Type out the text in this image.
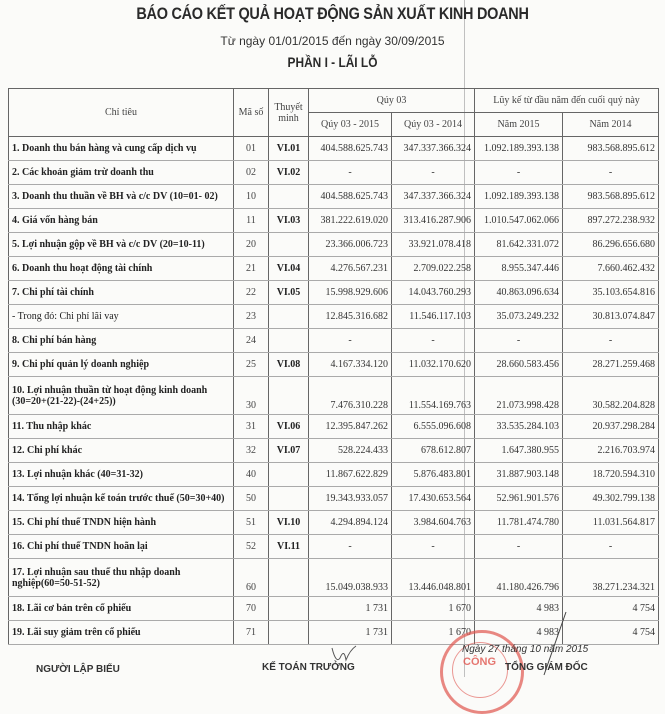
BÁO CÁO KẾT QUẢ HOẠT ĐỘNG SẢN XUẤT KINH DOANH
Từ ngày 01/01/2015 đến ngày 30/09/2015
PHẦN I - LÃI LỖ
Chỉ tiêu	Mã số	Thuyết minh	Qúy 03		Lũy kế từ đầu năm đến cuối quý này	
			Qúy 03 - 2015	Qúy 03 - 2014	Năm 2015	Năm 2014
1. Doanh thu bán hàng và cung cấp dịch vụ	01	VI.01	404.588.625.743	347.337.366.324	1.092.189.393.138	983.568.895.612
2. Các khoản giảm trừ doanh thu	02	VI.02	-	-	-	-
3. Doanh thu thuần về BH và c/c DV (10=01- 02)	10		404.588.625.743	347.337.366.324	1.092.189.393.138	983.568.895.612
4. Giá vốn hàng bán	11	VI.03	381.222.619.020	313.416.287.906	1.010.547.062.066	897.272.238.932
5. Lợi nhuận gộp về BH và c/c DV (20=10-11)	20		23.366.006.723	33.921.078.418	81.642.331.072	86.296.656.680
6. Doanh thu hoạt động tài chính	21	VI.04	4.276.567.231	2.709.022.258	8.955.347.446	7.660.462.432
7. Chi phí tài chính	22	VI.05	15.998.929.606	14.043.760.293	40.863.096.634	35.103.654.816
- Trong đó: Chi phí lãi vay	23		12.845.316.682	11.546.117.103	35.073.249.232	30.813.074.847
8. Chi phí bán hàng	24		-	-	-	-
9. Chi phí quản lý doanh nghiệp	25	VI.08	4.167.334.120	11.032.170.620	28.660.583.456	28.271.259.468
10. Lợi nhuận thuần từ hoạt động kinh doanh (30=20+(21-22)-(24+25))	30		7.476.310.228	11.554.169.763	21.073.998.428	30.582.204.828
11. Thu nhập khác	31	VI.06	12.395.847.262	6.555.096.608	33.535.284.103	20.937.298.284
12. Chi phí khác	32	VI.07	528.224.433	678.612.807	1.647.380.955	2.216.703.974
13. Lợi nhuận khác (40=31-32)	40		11.867.622.829	5.876.483.801	31.887.903.148	18.720.594.310
14. Tổng lợi nhuận kế toán trước thuế (50=30+40)	50		19.343.933.057	17.430.653.564	52.961.901.576	49.302.799.138
15. Chi phí thuế TNDN hiện hành	51	VI.10	4.294.894.124	3.984.604.763	11.781.474.780	11.031.564.817
16. Chi phí thuế TNDN hoãn lại	52	VI.11	-	-	-	-
17. Lợi nhuận sau thuế thu nhập doanh nghiệp(60=50-51-52)	60		15.049.038.933	13.446.048.801	41.180.426.796	38.271.234.321
18. Lãi cơ bản trên cổ phiếu	70		1 731	1 670	4 983	4 754
19. Lãi suy giảm trên cổ phiếu	71		1 731	1 670	4 983	4 754
CÔNG
Ngày 27 tháng 10 năm 2015
NGƯỜI LẬP BIỂU	KẾ TOÁN TRƯỞNG	TỔNG GIÁM ĐỐC
